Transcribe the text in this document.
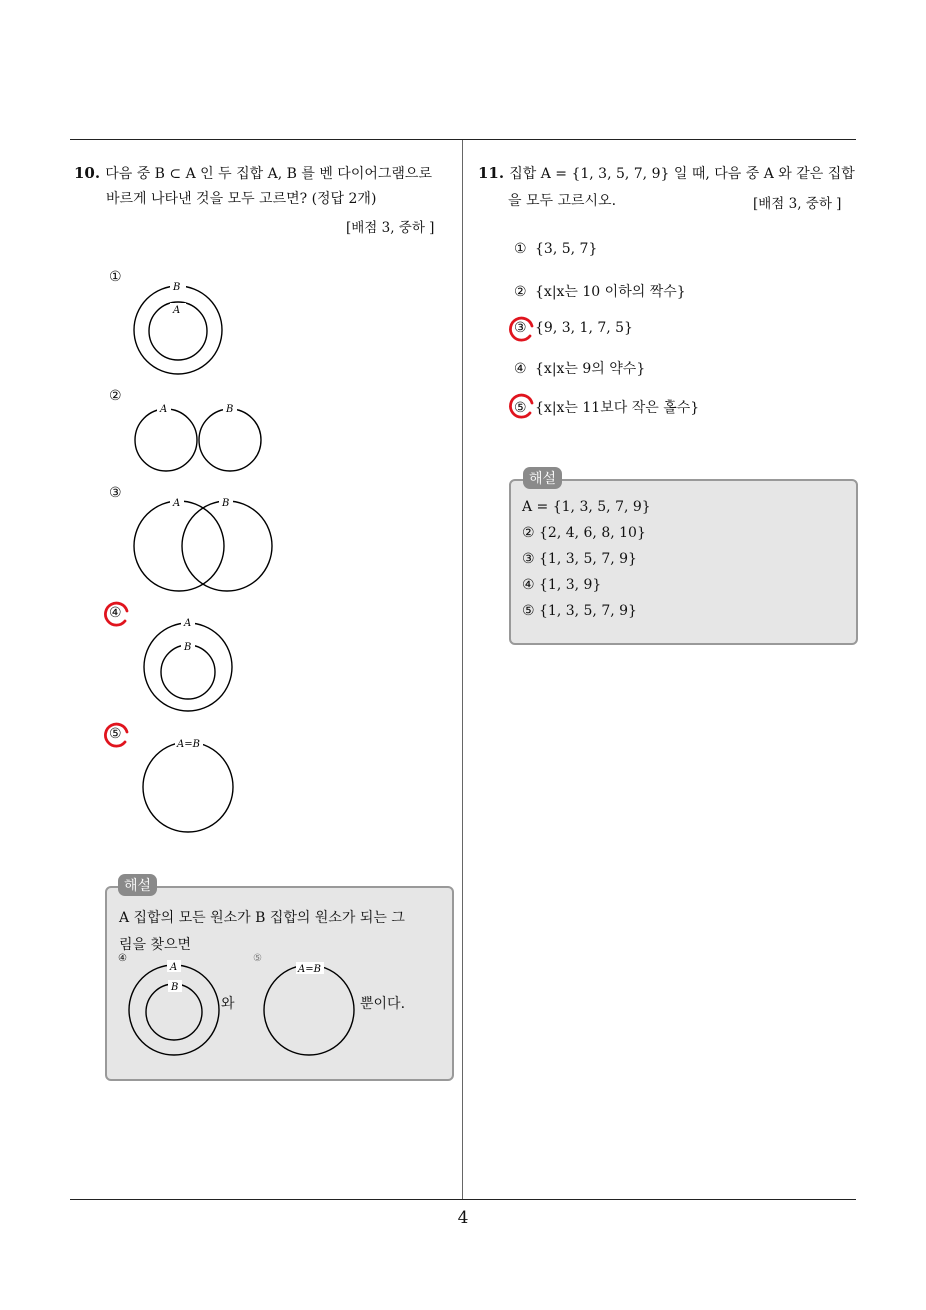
4
10. 다음 중 B ⊂ A 인 두 집합 A, B 를 벤 다이어그램으로
바르게 나타낸 것을 모두 고르면? (정답 2개)
[배점 3, 중하 ]
①
B
A
②
A	B
③
A	B
④
A
B
⑤
A=B
해설
A 집합의 모든 원소가 B 집합의 원소가 되는 그
림을 찾으면
④
A
B
와
⑤
A=B
뿐이다.
11. 집합 A = {1, 3, 5, 7, 9} 일 때, 다음 중 A 와 같은 집합
을 모두 고르시오.	[배점 3, 중하 ]
① {3, 5, 7}
② {x|x는 10 이하의 짝수}
③ {9, 3, 1, 7, 5}
④ {x|x는 9의 약수}
⑤ {x|x는 11보다 작은 홀수}
해설
A = {1, 3, 5, 7, 9}
② {2, 4, 6, 8, 10}
③ {1, 3, 5, 7, 9}
④ {1, 3, 9}
⑤ {1, 3, 5, 7, 9}
